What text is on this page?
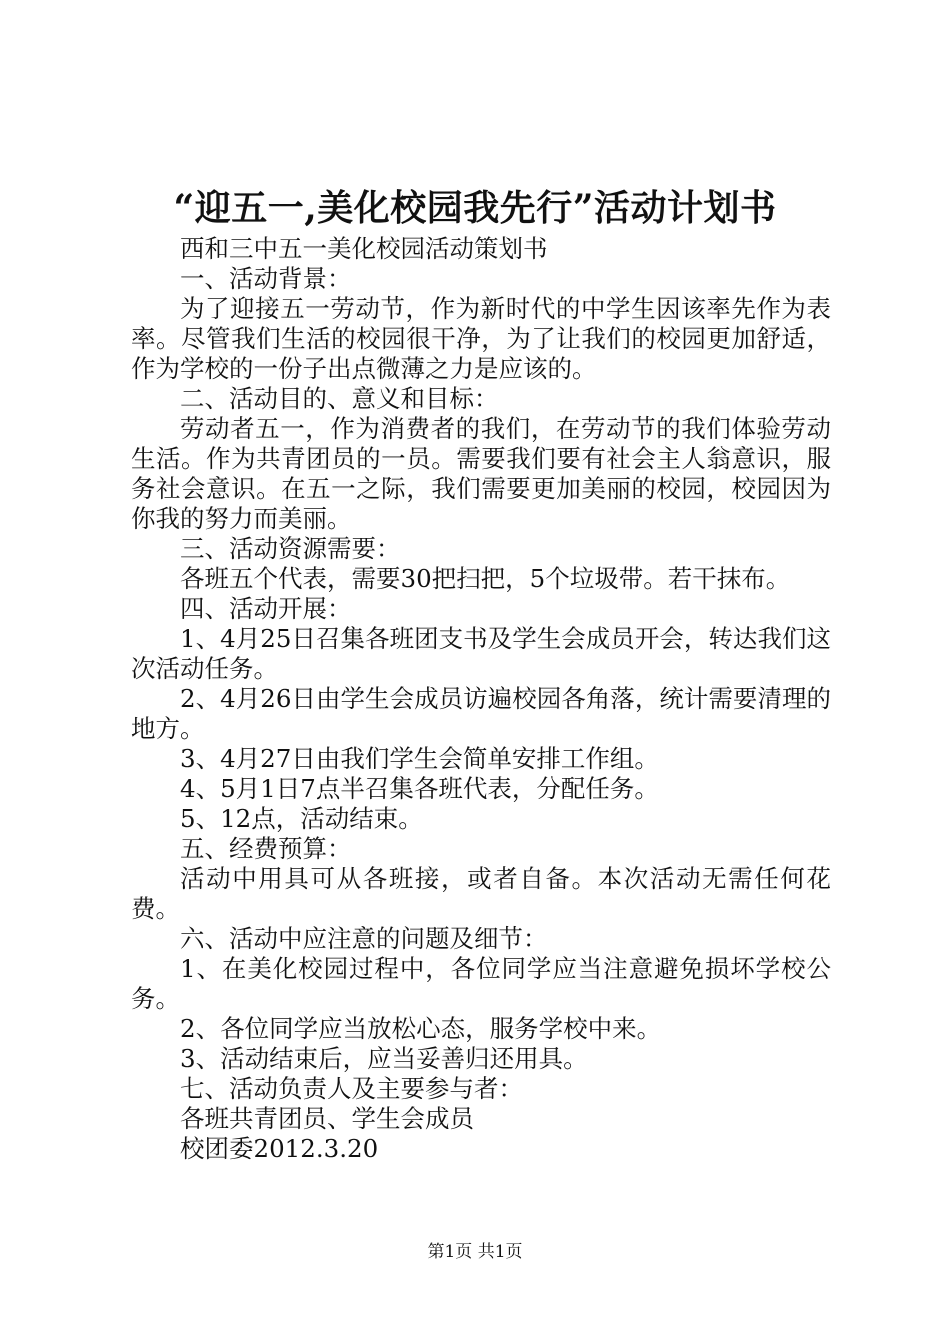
“迎五一,美化校园我先行”活动计划书

西和三中五一美化校园活动策划书

一、活动背景：

为了迎接五一劳动节，作为新时代的中学生因该率先作为表率。尽管我们生活的校园很干净，为了让我们的校园更加舒适，作为学校的一份子出点微薄之力是应该的。

二、活动目的、意义和目标：

劳动者五一，作为消费者的我们，在劳动节的我们体验劳动生活。作为共青团员的一员。需要我们要有社会主人翁意识，服务社会意识。在五一之际，我们需要更加美丽的校园，校园因为你我的努力而美丽。

三、活动资源需要：

各班五个代表，需要30把扫把，5个垃圾带。若干抹布。

四、活动开展：

1、4月25日召集各班团支书及学生会成员开会，转达我们这次活动任务。

2、4月26日由学生会成员访遍校园各角落，统计需要清理的地方。

3、4月27日由我们学生会简单安排工作组。

4、5月1日7点半召集各班代表，分配任务。

5、12点，活动结束。

五、经费预算：

活动中用具可从各班接，或者自备。本次活动无需任何花费。

六、活动中应注意的问题及细节：

1、在美化校园过程中，各位同学应当注意避免损坏学校公务。

2、各位同学应当放松心态，服务学校中来。

3、活动结束后，应当妥善归还用具。

七、活动负责人及主要参与者：

各班共青团员、学生会成员

校团委2012.3.20

第1页 共1页
